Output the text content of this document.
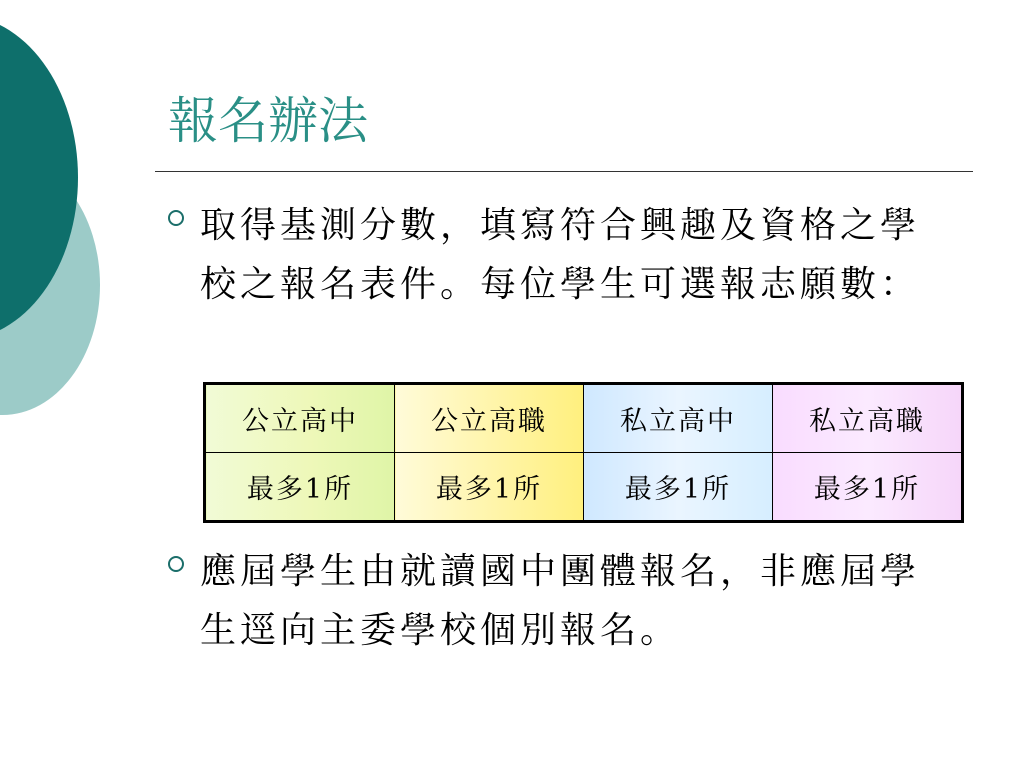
報名辦法
取得基測分數，填寫符合興趣及資格之學校之報名表件。每位學生可選報志願數：
公立高中	公立高職	私立高中	私立高職
最多1所	最多1所	最多1所	最多1所
應屆學生由就讀國中團體報名，非應屆學生逕向主委學校個別報名。
